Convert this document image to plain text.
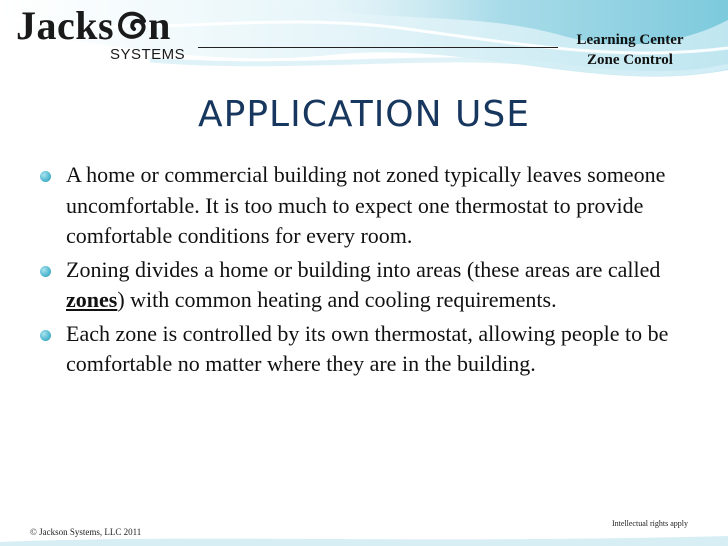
Jacks n
SYSTEMS
Learning Center
Zone Control
APPLICATION USE
A home or commercial building not zoned typically leaves someone uncomfortable. It is too much to expect one thermostat to provide comfortable conditions for every room.
Zoning divides a home or building into areas (these areas are called zones) with common heating and cooling requirements.
Each zone is controlled by its own thermostat, allowing people to be comfortable no matter where they are in the building.
Intellectual rights apply
© Jackson Systems, LLC 2011
